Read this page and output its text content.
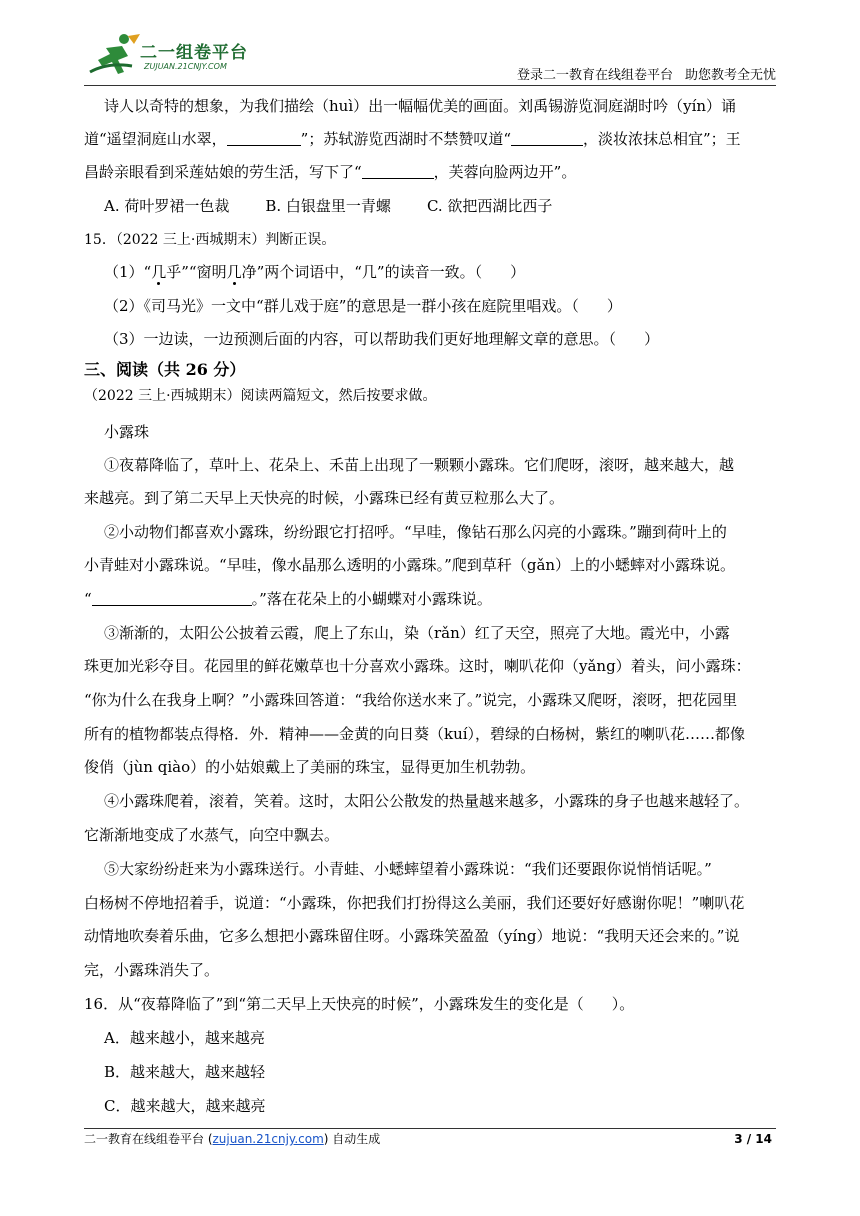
二一组卷平台
ZUJUAN.21CNJY.COM
登录二一教育在线组卷平台 助您教考全无忧
诗人以奇特的想象，为我们描绘（huì）出一幅幅优美的画面。刘禹锡游览洞庭湖时吟（yín）诵
道“遥望洞庭山水翠，	”；苏轼游览西湖时不禁赞叹道“	，淡妆浓抹总相宜”；王
昌龄亲眼看到采莲姑娘的劳生活，写下了“	，芙蓉向脸两边开”。
A. 荷叶罗裙一色裁 B. 白银盘里一青螺 C. 欲把西湖比西子
15．（2022 三上·西城期末）判断正误。
（1）“几乎”“窗明几净”两个词语中，“几”的读音一致。（ ）
（2）《司马光》一文中“群儿戏于庭”的意思是一群小孩在庭院里唱戏。（ ）
（3）一边读，一边预测后面的内容，可以帮助我们更好地理解文章的意思。（ ）
三、阅读（共 26 分）
（2022 三上·西城期末）阅读两篇短文，然后按要求做。
小露珠
①夜幕降临了，草叶上、花朵上、禾苗上出现了一颗颗小露珠。它们爬呀，滚呀，越来越大，越
来越亮。到了第二天早上天快亮的时候，小露珠已经有黄豆粒那么大了。
②小动物们都喜欢小露珠，纷纷跟它打招呼。“早哇，像钻石那么闪亮的小露珠。”蹦到荷叶上的
小青蛙对小露珠说。“早哇，像水晶那么透明的小露珠。”爬到草秆（gǎn）上的小蟋蟀对小露珠说。
“	。”落在花朵上的小蝴蝶对小露珠说。
③渐渐的，太阳公公披着云霞，爬上了东山，染（rǎn）红了天空，照亮了大地。霞光中，小露
珠更加光彩夺目。花园里的鲜花嫩草也十分喜欢小露珠。这时，喇叭花仰（yǎng）着头，问小露珠：
“你为什么在我身上啊？”小露珠回答道：“我给你送水来了。”说完，小露珠又爬呀，滚呀，把花园里
所有的植物都装点得格．外．精神——金黄的向日葵（kuí），碧绿的白杨树，紫红的喇叭花……都像
俊俏（jùn qiào）的小姑娘戴上了美丽的珠宝，显得更加生机勃勃。
④小露珠爬着，滚着，笑着。这时，太阳公公散发的热量越来越多，小露珠的身子也越来越轻了。
它渐渐地变成了水蒸气，向空中飘去。
⑤大家纷纷赶来为小露珠送行。小青蛙、小蟋蟀望着小露珠说：“我们还要跟你说悄悄话呢。”
白杨树不停地招着手，说道：“小露珠，你把我们打扮得这么美丽，我们还要好好感谢你呢！”喇叭花
动情地吹奏着乐曲，它多么想把小露珠留住呀。小露珠笑盈盈（yíng）地说：“我明天还会来的。”说
完，小露珠消失了。
16．从“夜幕降临了”到“第二天早上天快亮的时候”，小露珠发生的变化是（ ）。
A．越来越小，越来越亮
B．越来越大，越来越轻
C．越来越大，越来越亮
二一教育在线组卷平台 (zujuan.21cnjy.com) 自动生成	3 / 14
